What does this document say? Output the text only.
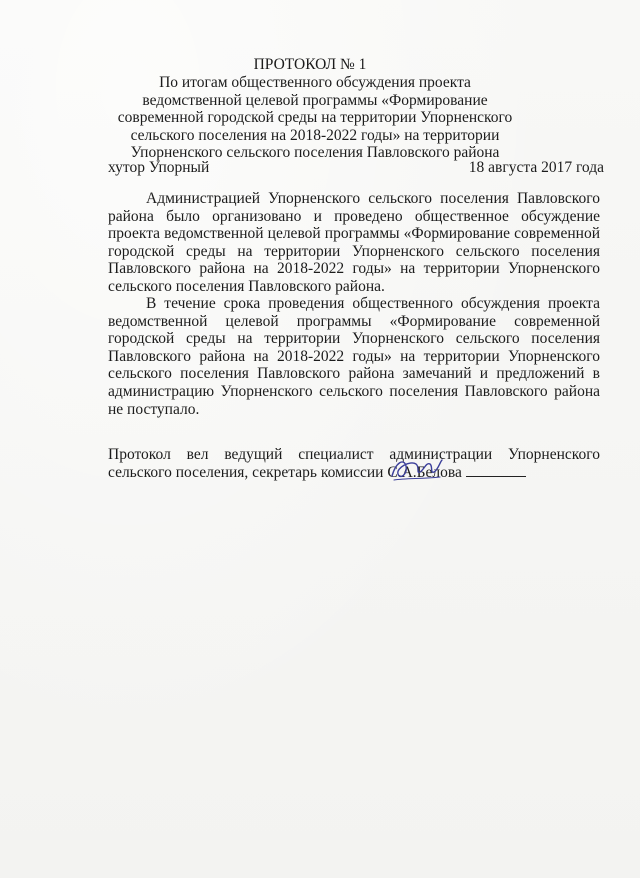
ПРОТОКОЛ № 1
По итогам общественного обсуждения проекта ведомственной целевой программы «Формирование современной городской среды на территории Упорненского сельского поселения на 2018-2022 годы» на территории Упорненского сельского поселения Павловского района
хутор Упорный	18 августа 2017 года
Администрацией Упорненского сельского поселения Павловского района было организовано и проведено общественное обсуждение проекта ведомственной целевой программы «Формирование современной городской среды на территории Упорненского сельского поселения Павловского района на 2018-2022 годы» на территории Упорненского сельского поселения Павловского района.
В течение срока проведения общественного обсуждения проекта ведомственной целевой программы «Формирование современной городской среды на территории Упорненского сельского поселения Павловского района на 2018-2022 годы» на территории Упорненского сельского поселения Павловского района замечаний и предложений в администрацию Упорненского сельского поселения Павловского района не поступало.
Протокол вел ведущий специалист администрации Упорненского сельского поселения, секретарь комиссии С.А.Белова
